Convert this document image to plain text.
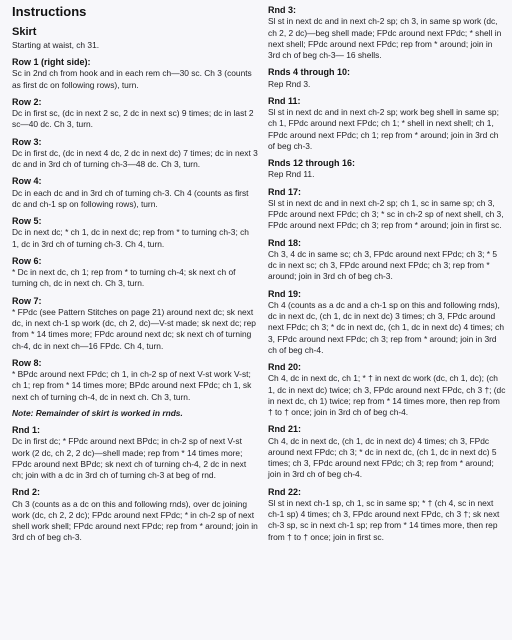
Instructions
Skirt
Starting at waist, ch 31.
Row 1 (right side):
Sc in 2nd ch from hook and in each rem ch—30 sc. Ch 3 (counts as first dc on following rows), turn.
Row 2:
Dc in first sc, (dc in next 2 sc, 2 dc in next sc) 9 times; dc in last 2 sc—40 dc. Ch 3, turn.
Row 3:
Dc in first dc, (dc in next 4 dc, 2 dc in next dc) 7 times; dc in next 3 dc and in 3rd ch of turning ch-3—48 dc. Ch 3, turn.
Row 4:
Dc in each dc and in 3rd ch of turning ch-3. Ch 4 (counts as first dc and ch-1 sp on following rows), turn.
Row 5:
Dc in next dc; * ch 1, dc in next dc; rep from * to turning ch-3; ch 1, dc in 3rd ch of turning ch-3. Ch 4, turn.
Row 6:
* Dc in next dc, ch 1; rep from * to turning ch-4; sk next ch of turning ch, dc in next ch. Ch 3, turn.
Row 7:
* FPdc (see Pattern Stitches on page 21) around next dc; sk next dc, in next ch-1 sp work (dc, ch 2, dc)—V-st made; sk next dc; rep from * 14 times more; FPdc around next dc; sk next ch of turning ch-4, dc in next ch—16 FPdc. Ch 4, turn.
Row 8:
* BPdc around next FPdc; ch 1, in ch-2 sp of next V-st work V-st; ch 1; rep from * 14 times more; BPdc around next FPdc; ch 1, sk next ch of turning ch-4, dc in next ch. Ch 3, turn.
Note: Remainder of skirt is worked in rnds.
Rnd 1:
Dc in first dc; * FPdc around next BPdc; in ch-2 sp of next V-st work (2 dc, ch 2, 2 dc)—shell made; rep from * 14 times more; FPdc around next BPdc; sk next ch of turning ch-4, 2 dc in next ch; join with a dc in 3rd ch of turning ch-3 at beg of rnd.
Rnd 2:
Ch 3 (counts as a dc on this and following rnds), over dc joining work (dc, ch 2, 2 dc); FPdc around next FPdc; * in ch-2 sp of next shell work shell; FPdc around next FPdc; rep from * around; join in 3rd ch of beg ch-3.
Rnd 3:
Sl st in next dc and in next ch-2 sp; ch 3, in same sp work (dc, ch 2, 2 dc)—beg shell made; FPdc around next FPdc; * shell in next shell; FPdc around next FPdc; rep from * around; join in 3rd ch of beg ch-3— 16 shells.
Rnds 4 through 10:
Rep Rnd 3.
Rnd 11:
Sl st in next dc and in next ch-2 sp; work beg shell in same sp; ch 1, FPdc around next FPdc; ch 1; * shell in next shell; ch 1, FPdc around next FPdc; ch 1; rep from * around; join in 3rd ch of beg ch-3.
Rnds 12 through 16:
Rep Rnd 11.
Rnd 17:
Sl st in next dc and in next ch-2 sp; ch 1, sc in same sp; ch 3, FPdc around next FPdc; ch 3; * sc in ch-2 sp of next shell, ch 3, FPdc around next FPdc; ch 3; rep from * around; join in first sc.
Rnd 18:
Ch 3, 4 dc in same sc; ch 3, FPdc around next FPdc; ch 3; * 5 dc in next sc; ch 3, FPdc around next FPdc; ch 3; rep from * around; join in 3rd ch of beg ch-3.
Rnd 19:
Ch 4 (counts as a dc and a ch-1 sp on this and following rnds), dc in next dc, (ch 1, dc in next dc) 3 times; ch 3, FPdc around next FPdc; ch 3; * dc in next dc, (ch 1, dc in next dc) 4 times; ch 3, FPdc around next FPdc; ch 3; rep from * around; join in 3rd ch of beg ch-4.
Rnd 20:
Ch 4, dc in next dc, ch 1; * † in next dc work (dc, ch 1, dc); (ch 1, dc in next dc) twice; ch 3, FPdc around next FPdc, ch 3 †; (dc in next dc, ch 1) twice; rep from * 14 times more, then rep from † to † once; join in 3rd ch of beg ch-4.
Rnd 21:
Ch 4, dc in next dc, (ch 1, dc in next dc) 4 times; ch 3, FPdc around next FPdc; ch 3; * dc in next dc, (ch 1, dc in next dc) 5 times; ch 3, FPdc around next FPdc; ch 3; rep from * around; join in 3rd ch of beg ch-4.
Rnd 22:
Sl st in next ch-1 sp, ch 1, sc in same sp; * † (ch 4, sc in next ch-1 sp) 4 times; ch 3, FPdc around next FPdc, ch 3 †; sk next ch-3 sp, sc in next ch-1 sp; rep from * 14 times more, then rep from † to † once; join in first sc.
